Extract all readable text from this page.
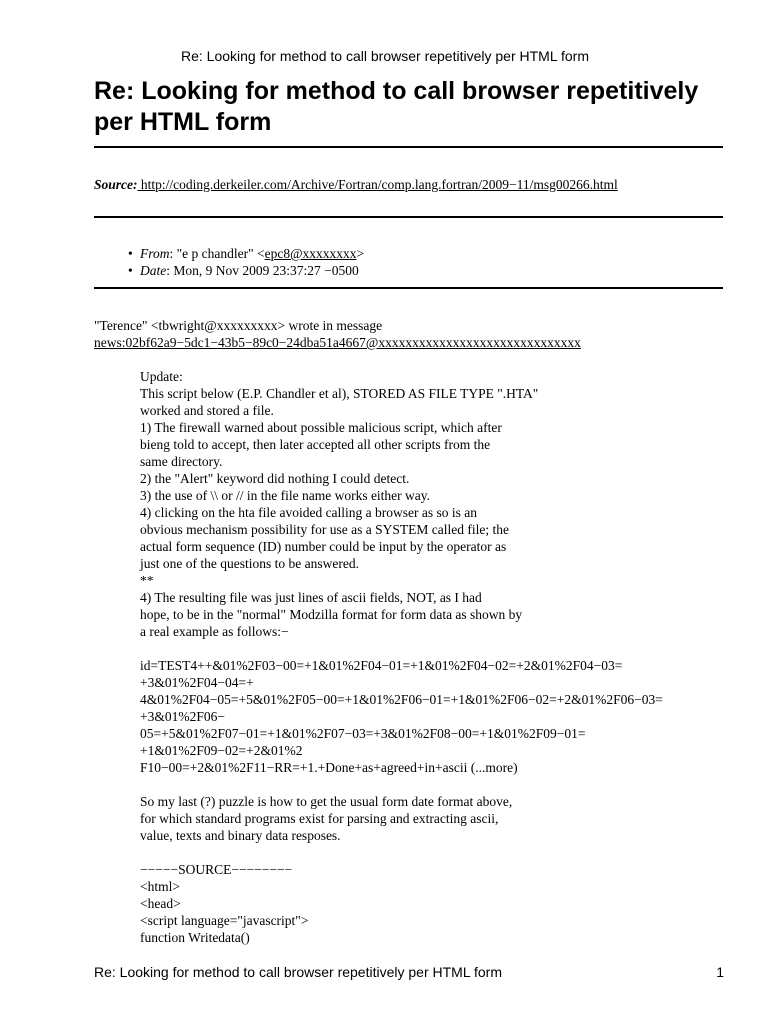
Re: Looking for method to call browser repetitively per HTML form
Re: Looking for method to call browser repetitively
per HTML form
Source: http://coding.derkeiler.com/Archive/Fortran/comp.lang.fortran/2009−11/msg00266.html
• From: "e p chandler" <epc8@xxxxxxxx>
• Date: Mon, 9 Nov 2009 23:37:27 −0500
"Terence" <tbwright@xxxxxxxxx> wrote in message
news:02bf62a9−5dc1−43b5−89c0−24dba51a4667@xxxxxxxxxxxxxxxxxxxxxxxxxxxxxx
Update:
This script below (E.P. Chandler et al), STORED AS FILE TYPE ".HTA"
worked and stored a file.
1) The firewall warned about possible malicious script, which after
bieng told to accept, then later accepted all other scripts from the
same directory.
2) the "Alert" keyword did nothing I could detect.
3) the use of \\ or // in the file name works either way.
4) clicking on the hta file avoided calling a browser as so is an
obvious mechanism possibility for use as a SYSTEM called file; the
actual form sequence (ID) number could be input by the operator as
just one of the questions to be answered.
**
4) The resulting file was just lines of ascii fields, NOT, as I had
hope, to be in the "normal" Modzilla format for form data as shown by
a real example as follows:−
id=TEST4++&01%2F03−00=+1&01%2F04−01=+1&01%2F04−02=+2&01%2F04−03=
+3&01%2F04−04=+
4&01%2F04−05=+5&01%2F05−00=+1&01%2F06−01=+1&01%2F06−02=+2&01%2F06−03=
+3&01%2F06−
05=+5&01%2F07−01=+1&01%2F07−03=+3&01%2F08−00=+1&01%2F09−01=
+1&01%2F09−02=+2&01%2
F10−00=+2&01%2F11−RR=+1.+Done+as+agreed+in+ascii (...more)
So my last (?) puzzle is how to get the usual form date format above,
for which standard programs exist for parsing and extracting ascii,
value, texts and binary data resposes.
−−−−−SOURCE−−−−−−−−
<html>
<head>
<script language="javascript">
function Writedata()
Re: Looking for method to call browser repetitively per HTML form	1
